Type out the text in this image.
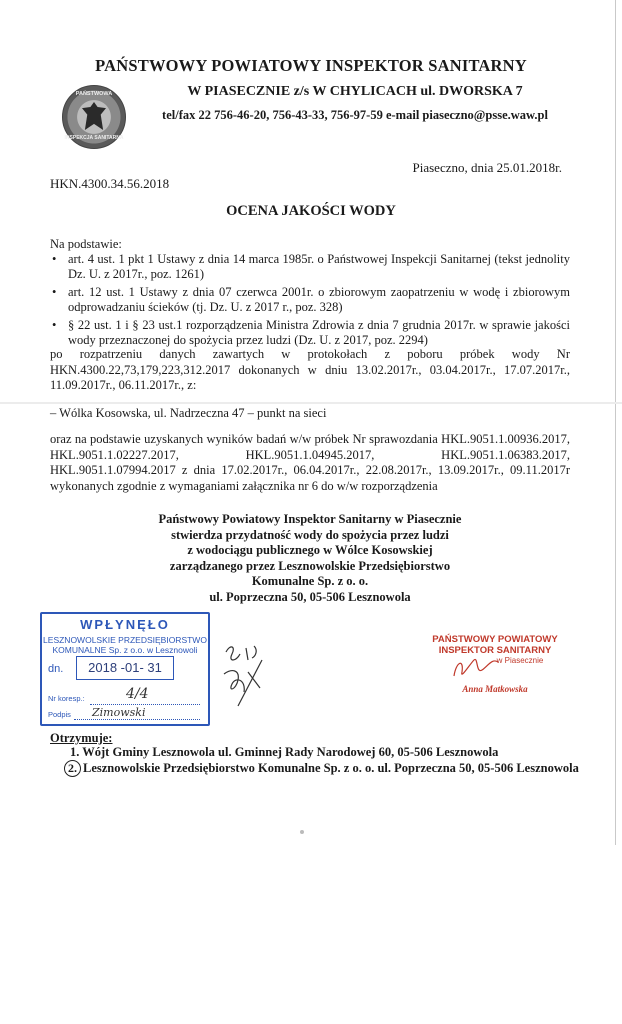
PAŃSTWOWA
INSPEKCJA SANITARNA
PAŃSTWOWY POWIATOWY INSPEKTOR SANITARNY
W PIASECZNIE z/s W CHYLICACH ul. DWORSKA 7
tel/fax 22 756-46-20, 756-43-33, 756-97-59 e-mail piaseczno@psse.waw.pl
Piaseczno, dnia 25.01.2018r.
HKN.4300.34.56.2018
OCENA JAKOŚCI WODY
Na podstawie:
• art. 4 ust. 1 pkt 1 Ustawy z dnia 14 marca 1985r. o Państwowej Inspekcji Sanitarnej (tekst jednolity Dz. U. z 2017r., poz. 1261)
• art. 12 ust. 1 Ustawy z dnia 07 czerwca 2001r. o zbiorowym zaopatrzeniu w wodę i zbiorowym odprowadzaniu ścieków (tj. Dz. U. z 2017 r., poz. 328)
• § 22 ust. 1 i § 23 ust.1 rozporządzenia Ministra Zdrowia z dnia 7 grudnia 2017r. w sprawie jakości wody przeznaczonej do spożycia przez ludzi (Dz. U. z 2017, poz. 2294)
po rozpatrzeniu danych zawartych w protokołach z poboru próbek wody Nr HKN.4300.22,73,179,223,312.2017 dokonanych w dniu 13.02.2017r., 03.04.2017r., 17.07.2017r., 11.09.2017r., 06.11.2017r., z:
– Wólka Kosowska, ul. Nadrzeczna 47 – punkt na sieci
oraz na podstawie uzyskanych wyników badań w/w próbek Nr sprawozdania HKL.9051.1.00936.2017, HKL.9051.1.02227.2017, HKL.9051.1.04945.2017, HKL.9051.1.06383.2017, HKL.9051.1.07994.2017 z dnia 17.02.2017r., 06.04.2017r., 22.08.2017r., 13.09.2017r., 09.11.2017r wykonanych zgodnie z wymaganiami załącznika nr 6 do w/w rozporządzenia
Państwowy Powiatowy Inspektor Sanitarny w Piasecznie
stwierdza przydatność wody do spożycia przez ludzi
z wodociągu publicznego w Wólce Kosowskiej
zarządzanego przez Lesznowolskie Przedsiębiorstwo
Komunalne Sp. z o. o.
ul. Poprzeczna 50, 05-506 Lesznowola
WPŁYNĘŁO
LESZNOWOLSKIE PRZEDSIĘBIORSTWO
KOMUNALNE Sp. z o.o. w Lesznowoli
dn.	2018 -01- 31
Nr koresp.:	4/4
Podpis Zimowski
PAŃSTWOWY POWIATOWY
INSPEKTOR SANITARNY
w Piasecznie
Anna Matkowska
Otrzymuje:
1. Wójt Gminy Lesznowola ul. Gminnej Rady Narodowej 60, 05-506 Lesznowola
2. Lesznowolskie Przedsiębiorstwo Komunalne Sp. z o. o. ul. Poprzeczna 50, 05-506 Lesznowola
